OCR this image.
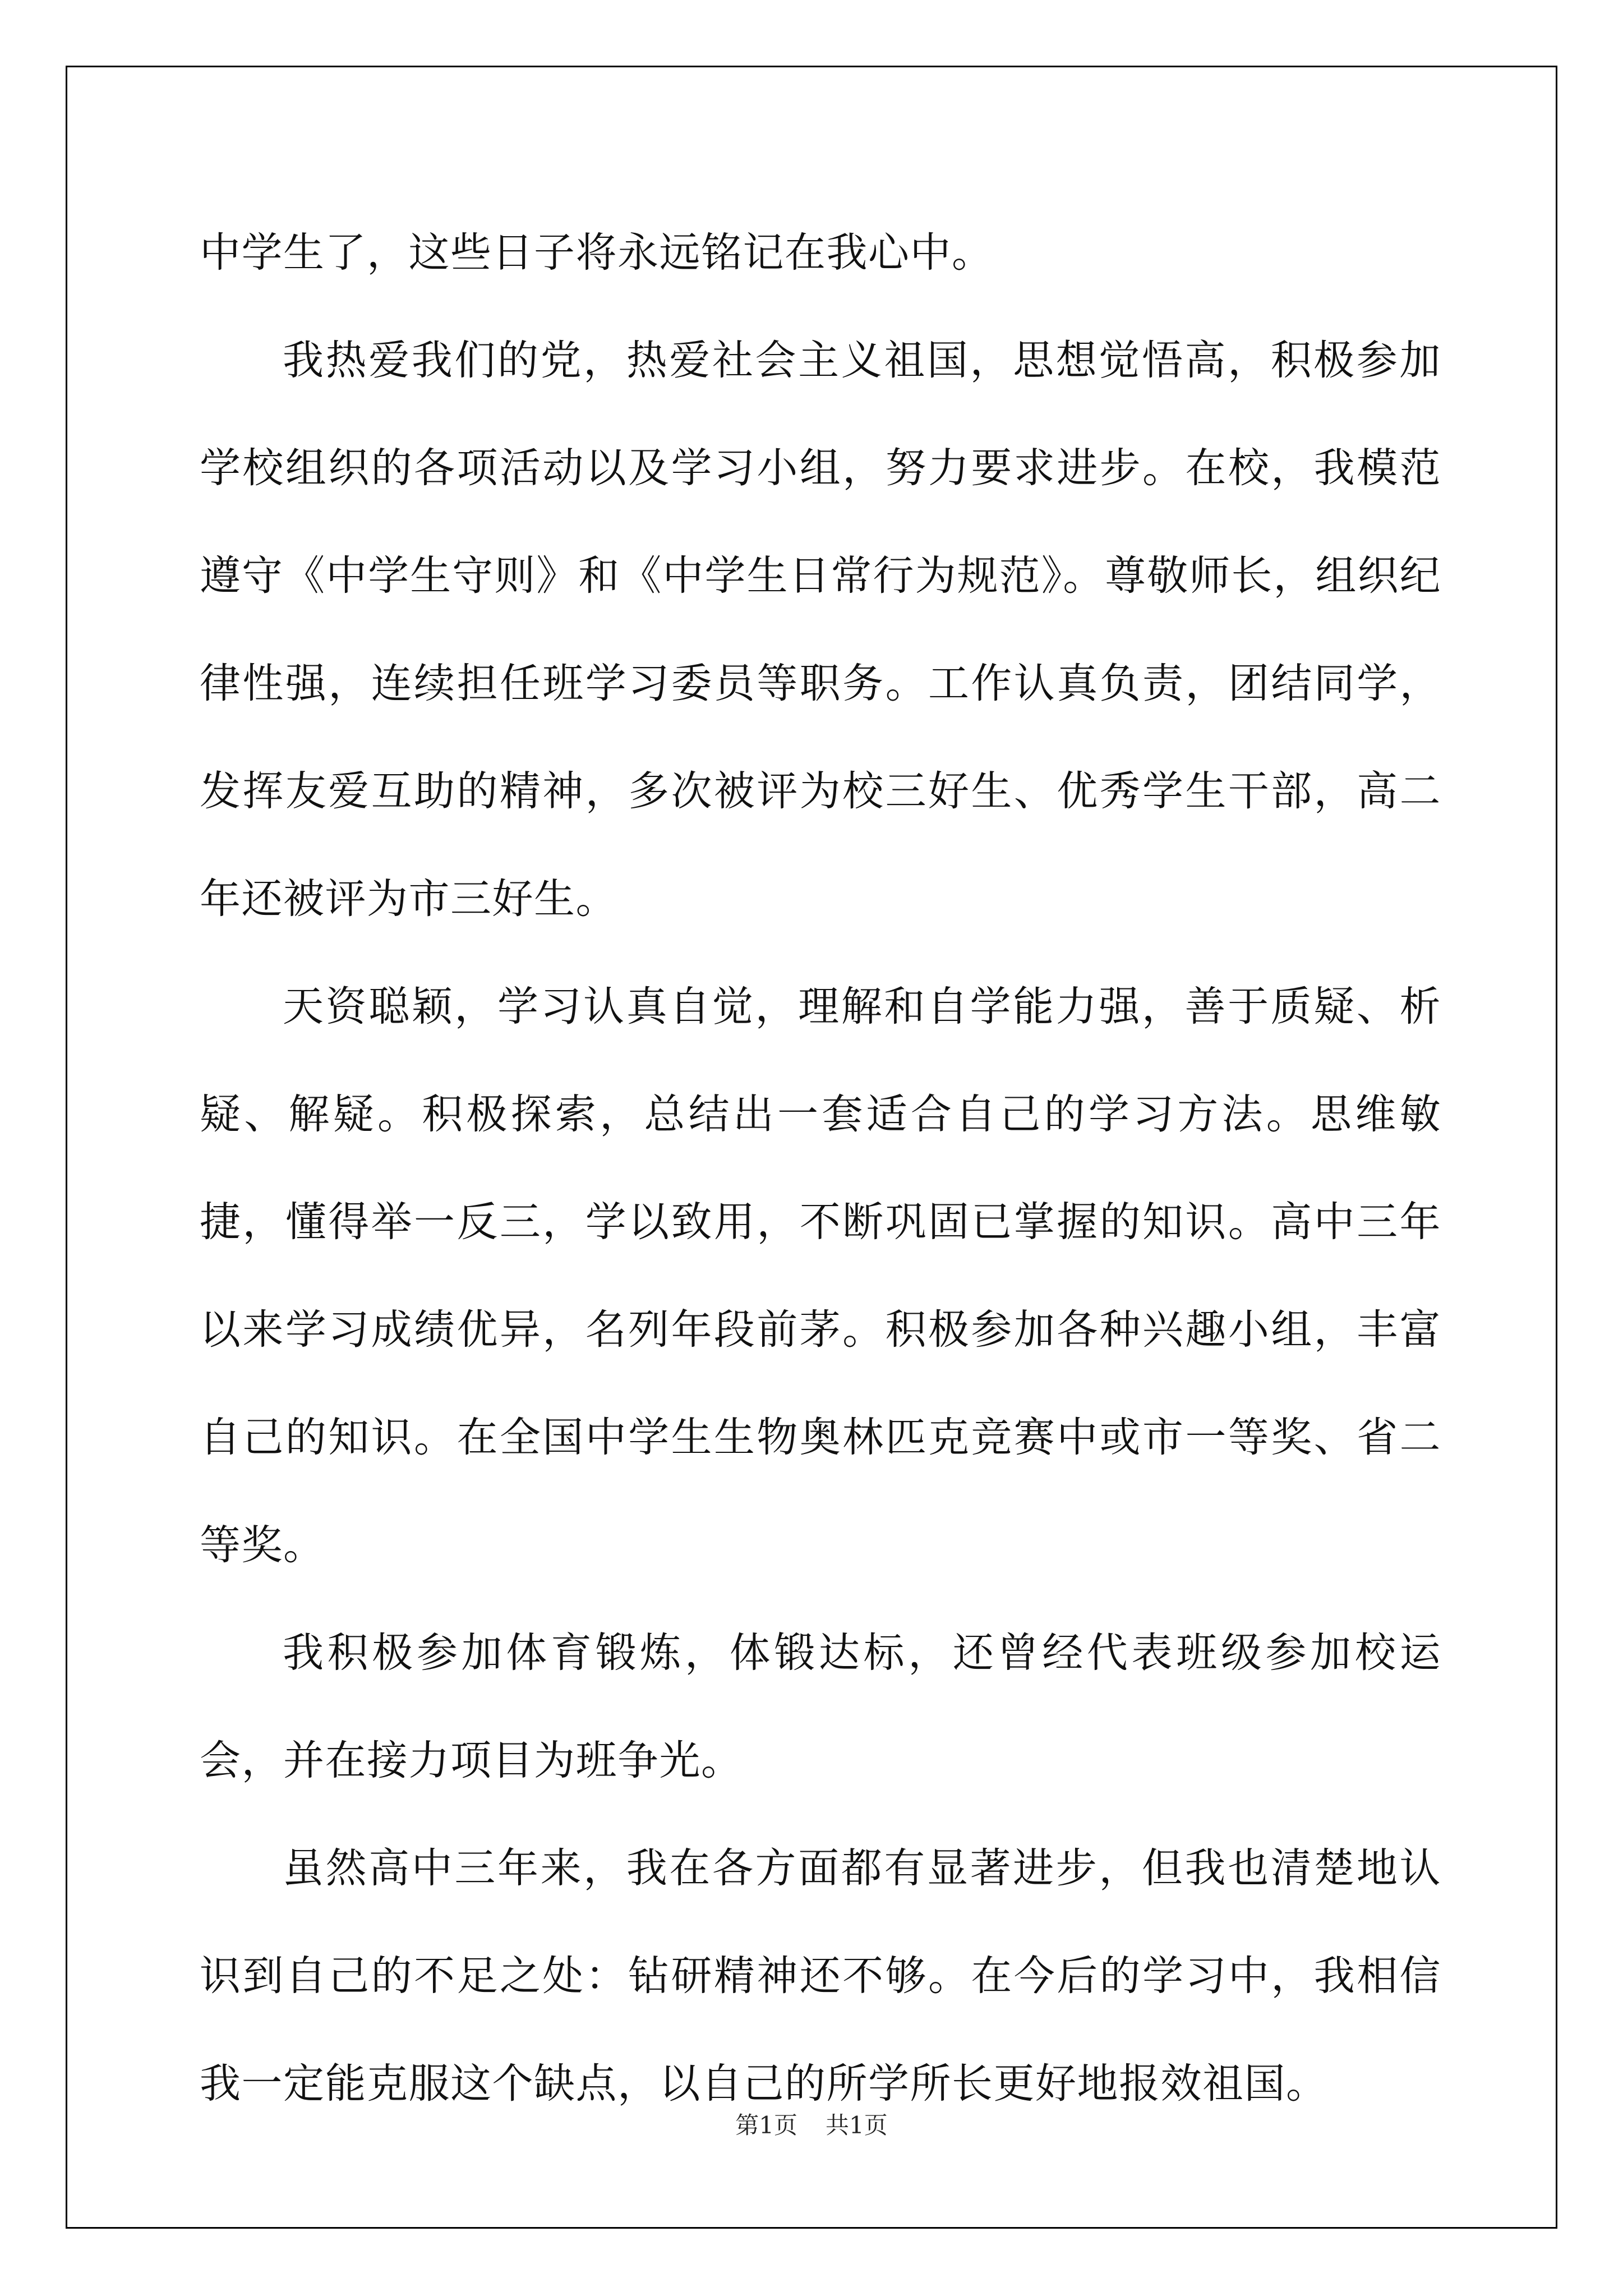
中学生了，这些日子将永远铭记在我心中。

我热爱我们的党，热爱社会主义祖国，思想觉悟高，积极参加学校组织的各项活动以及学习小组，努力要求进步。在校，我模范遵守《中学生守则》和《中学生日常行为规范》。尊敬师长，组织纪律性强，连续担任班学习委员等职务。工作认真负责，团结同学，发挥友爱互助的精神，多次被评为校三好生、优秀学生干部，高二年还被评为市三好生。

天资聪颖，学习认真自觉，理解和自学能力强，善于质疑、析疑、解疑。积极探索，总结出一套适合自己的学习方法。思维敏捷，懂得举一反三，学以致用，不断巩固已掌握的知识。高中三年以来学习成绩优异，名列年段前茅。积极参加各种兴趣小组，丰富自己的知识。在全国中学生生物奥林匹克竞赛中或市一等奖、省二等奖。

我积极参加体育锻炼，体锻达标，还曾经代表班级参加校运会，并在接力项目为班争光。

虽然高中三年来，我在各方面都有显著进步，但我也清楚地认识到自己的不足之处：钻研精神还不够。在今后的学习中，我相信我一定能克服这个缺点，以自己的所学所长更好地报效祖国。

第1页 共1页
